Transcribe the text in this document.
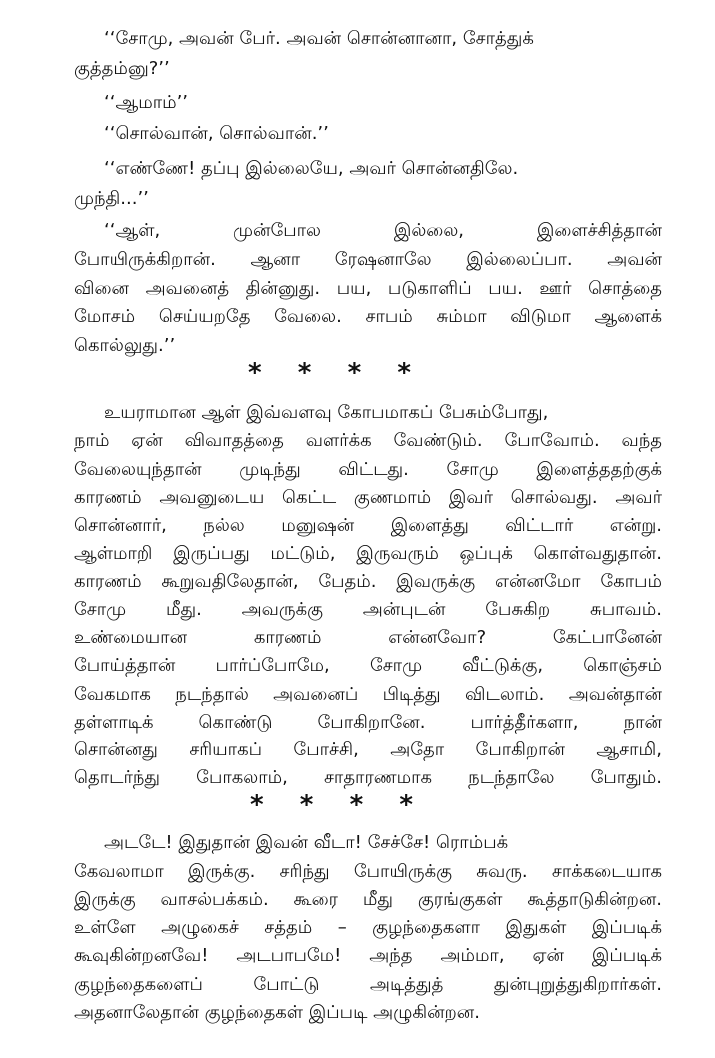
‘‘சோமு, அவன் பேர். அவன் சொன்னானா, சோத்துக்
குத்தம்னு?’’
‘‘ஆமாம்’’
‘‘சொல்வான், சொல்வான்.’’
‘‘எண்ணே! தப்பு இல்லையே, அவர் சொன்னதிலே.
முந்தி...’’
‘‘ஆள், முன்போல இல்லை, இளைச்சித்தான்
போயிருக்கிறான். ஆனா ரேஷனாலே இல்லைப்பா. அவன்
வினை அவனைத் தின்னுது. பய, படுகாளிப் பய. ஊர் சொத்தை
மோசம் செய்யறதே வேலை. சாபம் சும்மா விடுமா ஆளைக்
கொல்லுது.’’
*    *    *    *
உயராமான ஆள் இவ்வளவு கோபமாகப் பேசும்போது,
நாம் ஏன் விவாதத்தை வளர்க்க வேண்டும். போவோம். வந்த
வேலையுந்தான் முடிந்து விட்டது. சோமு இளைத்ததற்குக்
காரணம் அவனுடைய கெட்ட குணமாம் இவர் சொல்வது. அவர்
சொன்னார், நல்ல மனுஷன் இளைத்து விட்டார் என்று.
ஆள்மாறி இருப்பது மட்டும், இருவரும் ஒப்புக் கொள்வதுதான்.
காரணம் கூறுவதிலேதான், பேதம். இவருக்கு என்னமோ கோபம்
சோமு மீது. அவருக்கு அன்புடன் பேசுகிற சுபாவம்.
உண்மையான காரணம் என்னவோ? கேட்பானேன்
போய்த்தான் பார்ப்போமே, சோமு வீட்டுக்கு, கொஞ்சம்
வேகமாக நடந்தால் அவனைப் பிடித்து விடலாம். அவன்தான்
தள்ளாடிக் கொண்டு போகிறானே. பார்த்தீர்களா, நான்
சொன்னது சரியாகப் போச்சி, அதோ போகிறான் ஆசாமி,
தொடர்ந்து போகலாம், சாதாரணமாக நடந்தாலே போதும்.
*    *    *    *
அடடே! இதுதான் இவன் வீடா! சேச்சே! ரொம்பக்
கேவலாமா இருக்கு. சரிந்து போயிருக்கு சுவரு. சாக்கடையாக
இருக்கு வாசல்பக்கம். கூரை மீது குரங்குகள் கூத்தாடுகின்றன.
உள்ளே அழுகைச் சத்தம் – குழந்தைகளா இதுகள் இப்படிக்
கூவுகின்றனவே! அடபாபமே! அந்த அம்மா, ஏன் இப்படிக்
குழந்தைகளைப் போட்டு அடித்துத் துன்புறுத்துகிறார்கள்.
அதனாலேதான் குழந்தைகள் இப்படி அழுகின்றன.
